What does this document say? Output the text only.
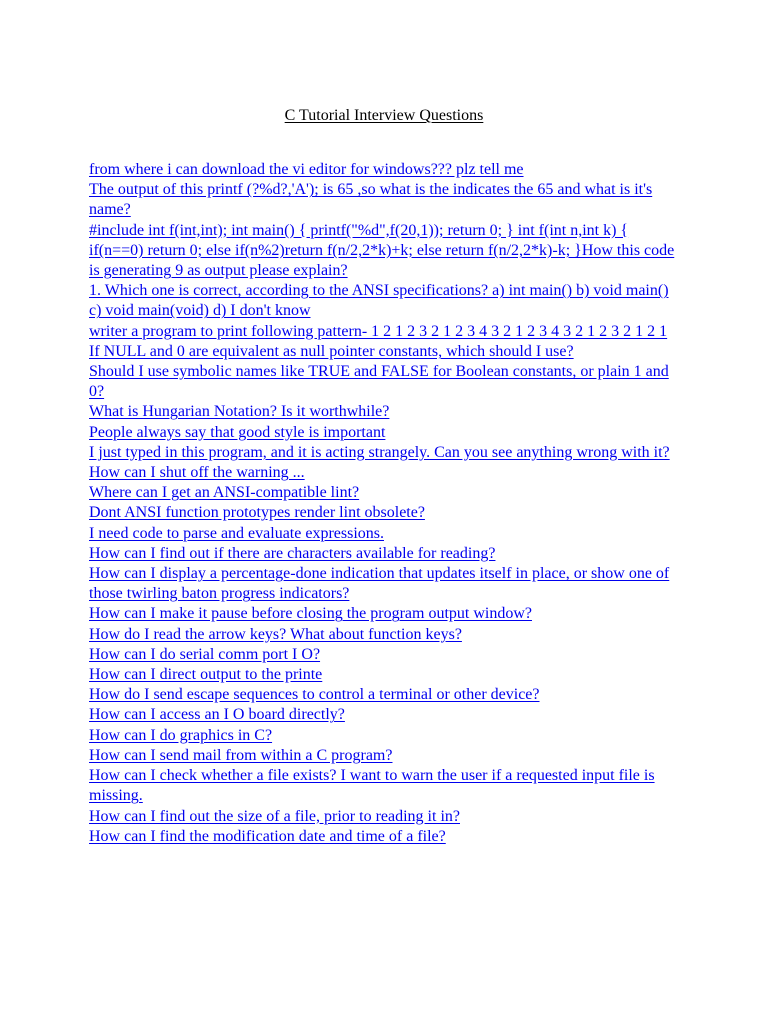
C Tutorial Interview Questions
from where i can download the vi editor for windows??? plz tell me
The output of this printf (?%d?,'A'); is 65 ,so what is the indicates the 65 and what is it's name?
#include int f(int,int); int main() { printf("%d",f(20,1)); return 0; } int f(int n,int k) { if(n==0) return 0; else if(n%2)return f(n/2,2*k)+k; else return f(n/2,2*k)-k; }How this code is generating 9 as output please explain?
1. Which one is correct, according to the ANSI specifications? a) int main() b) void main() c) void main(void) d) I don't know
writer a program to print following pattern- 1 2 1 2 3 2 1 2 3 4 3 2 1 2 3 4 3 2 1 2 3 2 1 2 1
If NULL and 0 are equivalent as null pointer constants, which should I use?
Should I use symbolic names like TRUE and FALSE for Boolean constants, or plain 1 and 0?
What is Hungarian Notation? Is it worthwhile?
People always say that good style is important
I just typed in this program, and it is acting strangely. Can you see anything wrong with it?
How can I shut off the warning ...
Where can I get an ANSI-compatible lint?
Dont ANSI function prototypes render lint obsolete?
I need code to parse and evaluate expressions.
How can I find out if there are characters available for reading?
How can I display a percentage-done indication that updates itself in place, or show one of those twirling baton progress indicators?
How can I make it pause before closing the program output window?
How do I read the arrow keys? What about function keys?
How can I do serial comm port I O?
How can I direct output to the printe
How do I send escape sequences to control a terminal or other device?
How can I access an I O board directly?
How can I do graphics in C?
How can I send mail from within a C program?
How can I check whether a file exists? I want to warn the user if a requested input file is missing.
How can I find out the size of a file, prior to reading it in?
How can I find the modification date and time of a file?
